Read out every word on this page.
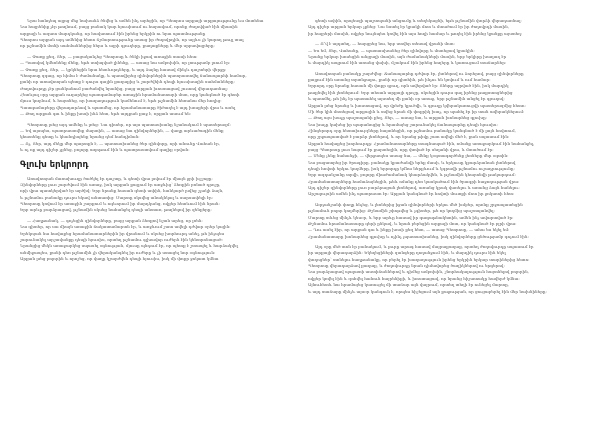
Նրա հանդեպ այլոց մեջ նախանձ ծնվեց և ամեն ինչ արեցին, որ Պետրոս արքայի արքայությունը ևս մոտենա
Նա հայրենիք չէր թողնում, բայց բանակ կար հյուսիսում ու հարավում, որոնք ժողովված էին միասին
արքայի և ազատ մարդկանց, որ հավատում էին իրենց երկրին ու նրա պատմությանը
Պետրոս արքան այդ ամենից հետո ճշմարտությունը ասաց իր ժողովրդին, որ այլևս չի կարող թույլ տալ
որ թշնամին մտնի սահմաններից ներս և այրի գյուղերը, քաղաքները և մեր սրբավայրերը:
— Փառք քեզ, Տեր, — բացականչեց Պետրոսը և ծնկի իջավ առաջին տասի հետ:
— Պատվով կմեռնենք մենք, եթե ստիպված լինենք, — ասաց նա ամբոխին, որ լռությամբ լսում էր:
— Փառք քեզ, Տեր, — կրկնեցին նրա հետևորդները, և այդ ձայնը հասավ մինչև դաշտերի վերջը:
Պետրոսը զգաց, որ հիմա է ժամանակը, և պատվիրեց զինվորներին պատրաստվել ճանապարհի համար,
քանի որ առավոտյան պետք է դուրս գային քաղաքից և շարժվեին դեպի հյուսիսային սահմանները:
Ժողովուրդը չէր ցանկանում բաժանվել նրանից, բայց արքան խոստացավ շուտով վերադառնալ:
Հետևյալ օրը արքան ուղարկեց պատգամաբեր առաջին հրամանատարի մոտ, որը կանգնած էր գետի
մյուս կողմում, և հայտնեց, որ խաղաղություն կամենում է, եթե թշնամին հեռանա մեր հողից:
Պատգամաբերը վերադարձավ և պատմեց, որ հրամանատարը ծիծաղել է այդ խոսքերի վրա և ասել
— Թող արքան գա և ինքը խոսի ինձ հետ, եթե այդքան քաջ է, որքան ասում են:
Պետրոսը լսեց այդ ամենը և լռեց: Նա գիտեր, որ այս պատասխանը նշանակում է պատերազմ:
— Եվ այսպես, պատրաստվեք մարտին, — ասաց նա զինվորներին, — վաղը արևածագին մենք
կհատենք գետը և կհանդիպենք նրանց դեմ հանդիման:
— Ոչ, Տեր, այդ մեկը մեր պարտքն է, — պատասխանեց ծեր զինվորը, որի անունը Վահան էր,
և ոչ ոք այդ գիշեր չքնեց, բոլորը աղոթում էին և պատրաստվում գալիք օրվան:
Գլուխ երկրորդ
Առավոտյան մառախուղը ծածկել էր դաշտը, և գետի վրա լսվում էր միայն ջրի խշշոցը:
Զինվորները լուռ շարժվում էին առաջ, իսկ արքան քայլում էր առջևից՝ ձեռքին բռնած դրոշը,
որի վրա պատկերված էր արծիվ: Երբ նրանք հասան գետի ափին, հանկարծ լսվեց շչակի ձայն,
և թշնամու բանակը դուրս եկավ անտառից: Մարտը սկսվեց անակնկալ և սարսափելի էր:
Պետրոսը կռվում էր առաջին շարքում և ոգևորում իր մարդկանց, ովքեր հետևում էին նրան:
Երբ արևը բարձրացավ, թշնամին սկսեց նահանջել դեպի անտառ, թողնելով իր զենքերը:
— Հաղթանակ, — գոչեցին զինվորները, բայց արքան ձեռքով նշան արեց, որ լռեն:
Նա գիտեր, որ սա միայն առաջին ճակատամարտն էր, և առջևում շատ ավելի դժվար օրեր կային:
Երեկոյան նա հավաքեց հրամանատարներին իր վրանում և սկսեց խորհուրդ անել, թե ինչպես
շարունակել արշավանքը դեպի հյուսիս, որտեղ թշնամու գլխավոր ուժերն էին կենտրոնացած:
Նրանցից մեկն առաջարկեց սպասել օգնության, մյուսը պնդում էր, որ պետք է շտապել և հարձակվել
անմիջապես, քանի դեռ թշնամին չի վերականգնել իր ուժերը և չի ստացել նոր օգնություն:
Արքան լսեց բոլորին և որոշեց, որ վաղը կշարժվեն դեպի հյուսիս, իսկ մի փոքր ջոկատ կմնա
գետի ափին, որպեսզի պաշտպանի անցումը և տեղեկացնի, եթե թշնամին փորձի վերադառնալ:
Այդ գիշեր արքան երկար չքնեց: Նա նստել էր կրակի մոտ և մտածում էր իր ժողովրդի մասին,
իր հայրերի մասին, ովքեր նույնպես կռվել էին այս հողի համար և թողել էին իրենց կյանքը այստեղ:
— Ո՞վ է այդտեղ, — հարցրեց նա, երբ ստվեր տեսավ վրանի մոտ:
— Ես եմ, Տեր, Վահանը, — պատասխանեց ծեր զինվորը և մոտեցավ կրակին:
Նրանք երկար խոսեցին անցյալի մասին, այն ժամանակների մասին, երբ երկիրը խաղաղ էր
և մարդիկ ապրում էին առանց վախի, մշակում էին իրենց հողերը և կառուցում տաճարներ:
Առավոտյան բանակը շարժվեց: Ճանապարհը դժվար էր, լեռներով ու ձորերով, բայց զինվորները
քայլում էին առանց տրտնջալու, քանի որ գիտեին, թե ինչու են կռվում և ում համար:
Երրորդ օրը նրանք հասան մի փոքր գյուղ, որն ավերված էր: Տները այրված էին, իսկ մարդիկ
թաքնվել էին լեռներում: Երբ տեսան արքայի դրոշը, սկսեցին դուրս գալ իրենց թաքստոցներից
և պատմել, թե ինչ էր պատահել այստեղ մի քանի օր առաջ, երբ թշնամին անցել էր գյուղով:
Արքան լսեց նրանց և խոստացավ, որ վրեժը կլուծվի, և գյուղը կվերակառուցվի պատերազմից հետո:
Մի ծեր կին մոտեցավ արքային և տվեց նրան մի փոքրիկ խաչ, որ պահել էր իր տան ավերակներում:
— Թող այս խաչը պաշտպանի քեզ, Տեր, — ասաց նա, և արքան խոնարհեց գլուխը:
Նա խաչը կախեց իր պարանոցից և հրամայեց շարունակել ճանապարհը դեպի հյուսիս:
Հինգերորդ օրը հետախույզները հայտնեցին, որ թշնամու բանակը կանգնած է մի լայն հովտում,
որը շրջապատված է բարձր լեռներով, և որ նրանց թիվը շատ ավելի մեծ է, քան սպասում էին:
Արքան հավաքեց խորհուրդը: Հրամանատարները տագնապած էին, ոմանք առաջարկում էին նահանջել,
բայց Պետրոսը լուռ նայում էր քարտեզին, որը փռված էր սեղանի վրա, և մտածում էր:
— Մենք չենք նահանջի, — վերջապես ասաց նա, — մենք կօգտագործենք լեռները մեր օգտին:
Նա բացատրեց իր ծրագիրը. բանակը կբաժանվի երեք մասի, և երկուսը կբարձրանան լեռներով
դեպի հովտի երկու կողմերը, իսկ երրորդը կմնա ներքևում և կգրավի թշնամու ուշադրությունը:
Երբ ազդանշանը տրվի, բոլորը միաժամանակ կհարձակվեն, և թշնամին կհայտնվի թակարդում:
Հրամանատարները համաձայնեցին, թեև ոմանք դեռ կասկածում էին ծրագրի հաջողության վրա:
Այդ գիշեր զինվորները լուռ բարձրացան լեռներով, առանց կրակ վառելու և առանց ձայն հանելու:
Արշալույսին ամեն ինչ պատրաստ էր: Արքան կանգնած էր հովտի մուտքի մոտ իր ջոկատի հետ:
Ազդանշանի փողը հնչեց, և լեռներից իջան զինվորների երկու մեծ խմբեր, որոնք շրջապատեցին
թշնամուն բոլոր կողմերից: Թշնամին շփոթվեց և չգիտեր, թե որ կողմից պաշտպանվել:
Մարտը տևեց մինչև կեսօր, և երբ արևը հասավ իր գագաթնակետին, ամեն ինչ ավարտված էր:
Թշնամու հրամանատարը գերի ընկավ, և նրան բերեցին արքայի մոտ, որ կանգնած էր բլրի վրա:
— Դու ասել էիր, որ արքան գա և ինքը խոսի քեզ հետ, — ասաց Պետրոսը, — ահա ես եկել եմ:
Հրամանատարը խոնարհեց գլուխը և ոչինչ չպատասխանեց, իսկ զինվորները ցնծությամբ գոչում էին:
Այդ օրը մեծ տոն էր բանակում, և լուրը արագ հասավ մայրաքաղաք, որտեղ ժողովուրդը սպասում էր
իր արքայի վերադարձին: Եկեղեցիների զանգերը ղողանջում էին, և մարդիկ դուրս էին եկել
փողոցներ՝ տոնելու հաղթանակը, որ բերել էր խաղաղություն իրենց երկրին երկար տարիներից հետո:
Պետրոսը վերադարձավ քաղաք, և ժողովուրդը նրան դիմավորեց ծաղիկներով ու երգերով:
Նա բարձրացավ պալատի աստիճաններով և դիմեց ամբոխին, շնորհակալություն հայտնելով բոլորին,
ովքեր կռվել էին և զոհվել հանուն հայրենիքի, և խոստացավ, որ նրանց հիշատակը հավերժ կմնա:
Այնուհետև նա հրամայեց կառուցել մի տաճար այն վայրում, որտեղ տեղի էր ունեցել մարտը,
և այդ տաճարը մինչև այսօր կանգուն է, որպես հիշեցում այն քաջության, որ ցուցաբերել էին մեր նախնիները:
